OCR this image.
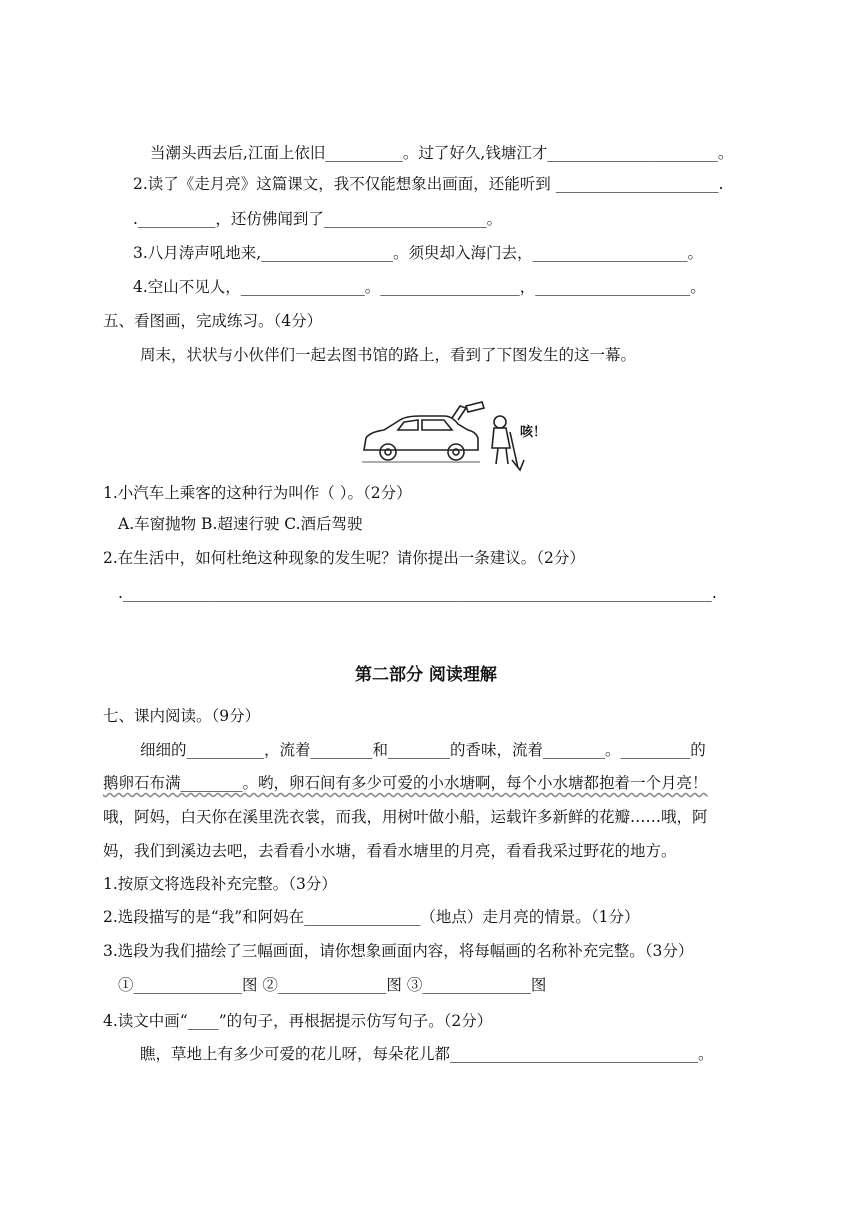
当潮头西去后,江面上依旧__________。过了好久,钱塘江才______________________。
2.读了《走月亮》这篇课文，我不仅能想象出画面，还能听到 _____________________.
.__________，还仿佛闻到了_____________________。
3.八月涛声吼地来,_________________。须臾却入海门去，____________________。
4.空山不见人，________________。__________________，____________________。
五、看图画，完成练习。（4分）
周末，状状与小伙伴们一起去图书馆的路上，看到了下图发生的这一幕。
咳！
1.小汽车上乘客的这种行为叫作（ ）。（2分）
A.车窗抛物 B.超速行驶 C.酒后驾驶
2.在生活中，如何杜绝这种现象的发生呢？请你提出一条建议。（2分）
.____________________________________________________________________________.
第二部分 阅读理解
七、课内阅读。（9分）
细细的__________，流着________和________的香味，流着________。_________的
鹅卵石布满________。哟，卵石间有多少可爱的小水塘啊，每个小水塘都抱着一个月亮！
哦，阿妈，白天你在溪里洗衣裳，而我，用树叶做小船，运载许多新鲜的花瓣……哦，阿
妈，我们到溪边去吧，去看看小水塘，看看水塘里的月亮，看看我采过野花的地方。
1.按原文将选段补充完整。（3分）
2.选段描写的是“我”和阿妈在_______________（地点）走月亮的情景。（1分）
3.选段为我们描绘了三幅画面，请你想象画面内容，将每幅画的名称补充完整。（3分）
①______________图 ②______________图 ③______________图
4.读文中画“____”的句子，再根据提示仿写句子。（2分）
瞧，草地上有多少可爱的花儿呀，每朵花儿都________________________________。
